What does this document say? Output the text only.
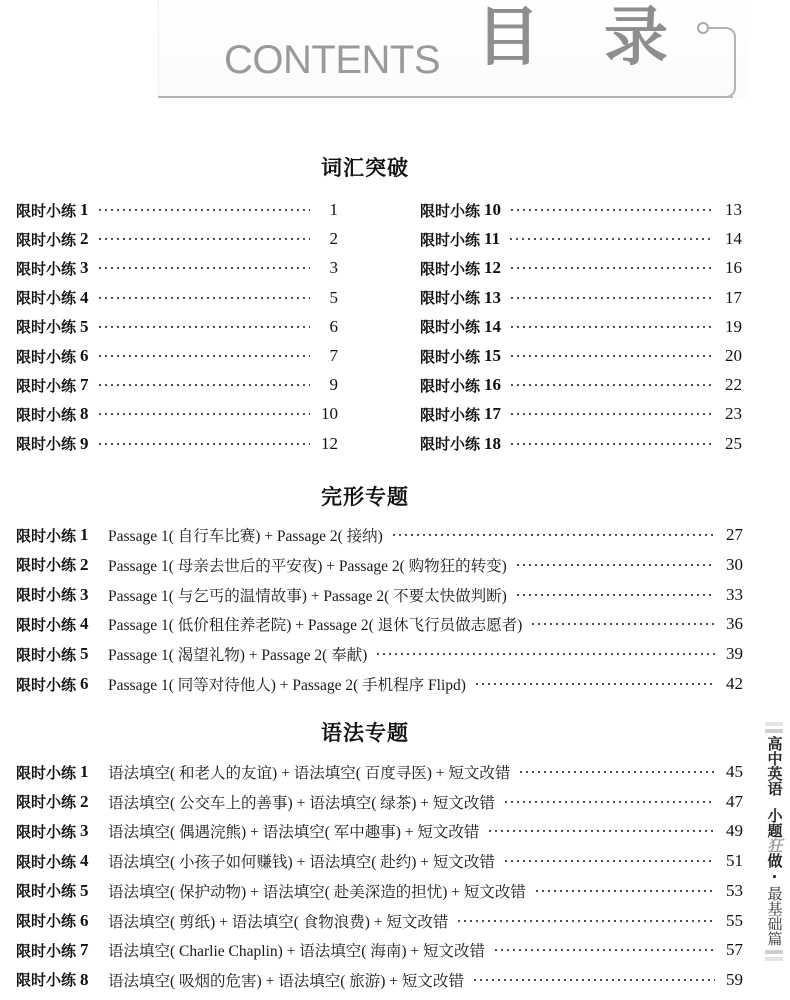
CONTENTS 目 录
词汇突破
限时小练 1	1
限时小练 2	2
限时小练 3	3
限时小练 4	5
限时小练 5	6
限时小练 6	7
限时小练 7	9
限时小练 8	10
限时小练 9	12
限时小练 10	13
限时小练 11	14
限时小练 12	16
限时小练 13	17
限时小练 14	19
限时小练 15	20
限时小练 16	22
限时小练 17	23
限时小练 18	25
完形专题
限时小练 1	Passage 1( 自行车比赛) + Passage 2( 接纳)	27
限时小练 2	Passage 1( 母亲去世后的平安夜) + Passage 2( 购物狂的转变)	30
限时小练 3	Passage 1( 与乞丐的温情故事) + Passage 2( 不要太快做判断)	33
限时小练 4	Passage 1( 低价租住养老院) + Passage 2( 退休飞行员做志愿者)	36
限时小练 5	Passage 1( 渴望礼物) + Passage 2( 奉献)	39
限时小练 6	Passage 1( 同等对待他人) + Passage 2( 手机程序 Flipd)	42
语法专题
限时小练 1	语法填空( 和老人的友谊) + 语法填空( 百度寻医) + 短文改错	45
限时小练 2	语法填空( 公交车上的善事) + 语法填空( 绿茶) + 短文改错	47
限时小练 3	语法填空( 偶遇浣熊) + 语法填空( 军中趣事) + 短文改错	49
限时小练 4	语法填空( 小孩子如何赚钱) + 语法填空( 赴约) + 短文改错	51
限时小练 5	语法填空( 保护动物) + 语法填空( 赴美深造的担忧) + 短文改错	53
限时小练 6	语法填空( 剪纸) + 语法填空( 食物浪费) + 短文改错	55
限时小练 7	语法填空( Charlie Chaplin) + 语法填空( 海南) + 短文改错	57
限时小练 8	语法填空( 吸烟的危害) + 语法填空( 旅游) + 短文改错	59
高中英语
小题
狂
做
·
最基础篇
